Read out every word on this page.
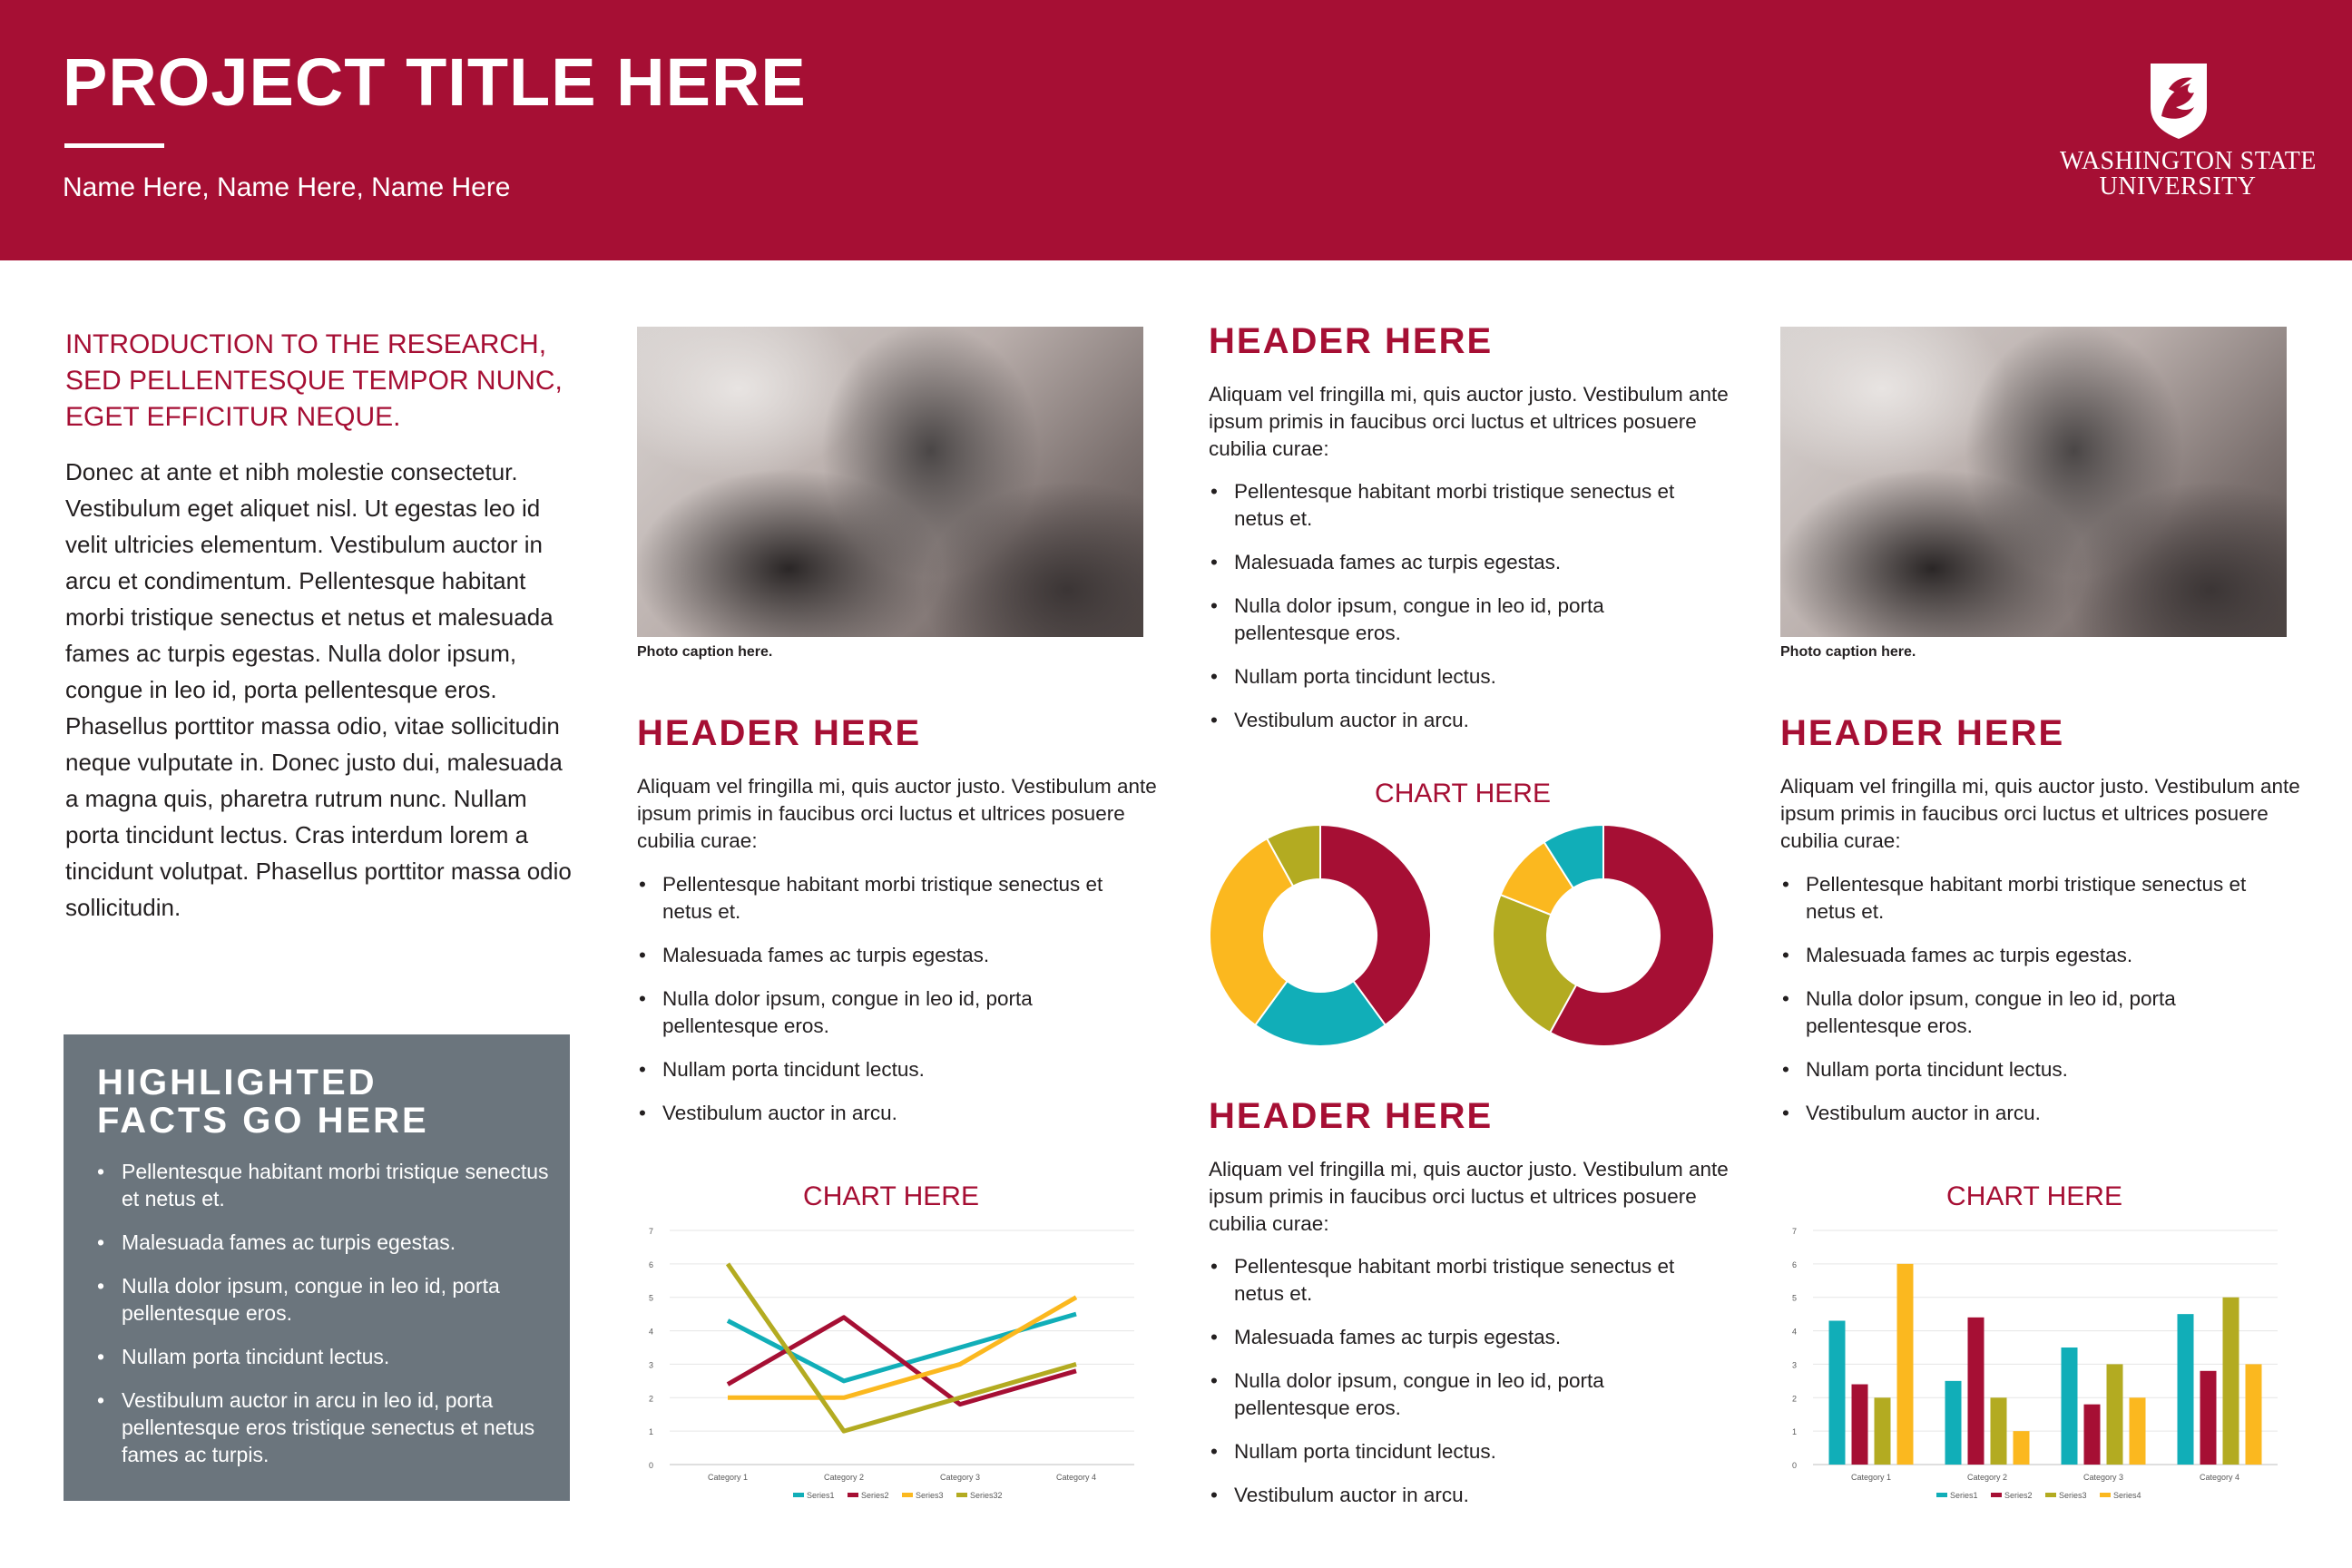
PROJECT TITLE HERE
Name Here, Name Here, Name Here
WASHINGTON STATE
UNIVERSITY
INTRODUCTION TO THE RESEARCH, SED PELLENTESQUE TEMPOR NUNC, EGET EFFICITUR NEQUE.
Donec at ante et nibh molestie consectetur. Vestibulum eget aliquet nisl. Ut egestas leo id velit ultricies elementum. Vestibulum auctor in arcu et condimentum. Pellentesque habitant morbi tristique senectus et netus et malesuada fames ac turpis egestas. Nulla dolor ipsum, congue in leo id, porta pellentesque eros. Phasellus porttitor massa odio, vitae sollicitudin neque vulputate in. Donec justo dui, malesuada a magna quis, pharetra rutrum nunc. Nullam porta tincidunt lectus. Cras interdum lorem a tincidunt volutpat. Phasellus porttitor massa odio sollicitudin.
HIGHLIGHTED
FACTS GO HERE
• Pellentesque habitant morbi tristique senectus et netus et.
• Malesuada fames ac turpis egestas.
• Nulla dolor ipsum, congue in leo id, porta pellentesque eros.
• Nullam porta tincidunt lectus.
• Vestibulum auctor in arcu in leo id, porta pellentesque eros tristique senectus et netus fames ac turpis.
Photo caption here.
HEADER HERE
Aliquam vel fringilla mi, quis auctor justo. Vestibulum ante ipsum primis in faucibus orci luctus et ultrices posuere cubilia curae:
• Pellentesque habitant morbi tristique senectus et netus et.
• Malesuada fames ac turpis egestas.
• Nulla dolor ipsum, congue in leo id, porta pellentesque eros.
• Nullam porta tincidunt lectus.
• Vestibulum auctor in arcu.
CHART HERE
0
1
2
3
4
5
6
7
Category 1	Category 2	Category 3	Category 4
Series1	Series2	Series3	Series32
HEADER HERE
Aliquam vel fringilla mi, quis auctor justo. Vestibulum ante ipsum primis in faucibus orci luctus et ultrices posuere cubilia curae:
• Pellentesque habitant morbi tristique senectus et netus et.
• Malesuada fames ac turpis egestas.
• Nulla dolor ipsum, congue in leo id, porta pellentesque eros.
• Nullam porta tincidunt lectus.
• Vestibulum auctor in arcu.
CHART HERE
HEADER HERE
Aliquam vel fringilla mi, quis auctor justo. Vestibulum ante ipsum primis in faucibus orci luctus et ultrices posuere cubilia curae:
• Pellentesque habitant morbi tristique senectus et netus et.
• Malesuada fames ac turpis egestas.
• Nulla dolor ipsum, congue in leo id, porta pellentesque eros.
• Nullam porta tincidunt lectus.
• Vestibulum auctor in arcu.
Photo caption here.
HEADER HERE
Aliquam vel fringilla mi, quis auctor justo. Vestibulum ante ipsum primis in faucibus orci luctus et ultrices posuere cubilia curae:
• Pellentesque habitant morbi tristique senectus et netus et.
• Malesuada fames ac turpis egestas.
• Nulla dolor ipsum, congue in leo id, porta pellentesque eros.
• Nullam porta tincidunt lectus.
• Vestibulum auctor in arcu.
CHART HERE
0
1
2
3
4
5
6
7
Category 1	Category 2	Category 3	Category 4
Series1	Series2	Series3	Series4
